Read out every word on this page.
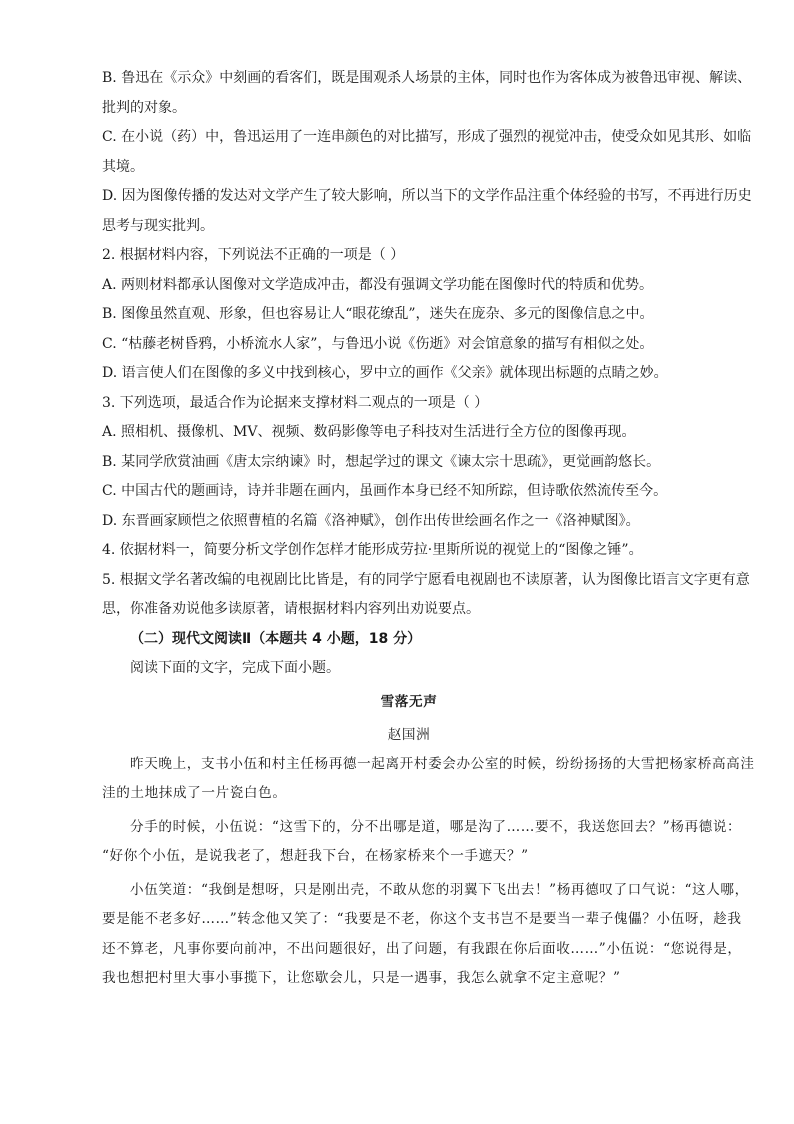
B. 鲁迅在《示众》中刻画的看客们，既是围观杀人场景的主体，同时也作为客体成为被鲁迅审视、解读、
批判的对象。
C. 在小说（药）中，鲁迅运用了一连串颜色的对比描写，形成了强烈的视觉冲击，使受众如见其形、如临
其境。
D. 因为图像传播的发达对文学产生了较大影响，所以当下的文学作品注重个体经验的书写，不再进行历史
思考与现实批判。
2. 根据材料内容，下列说法不正确的一项是（ ）
A. 两则材料都承认图像对文学造成冲击，都没有强调文学功能在图像时代的特质和优势。
B. 图像虽然直观、形象，但也容易让人“眼花缭乱”，迷失在庞杂、多元的图像信息之中。
C. “枯藤老树昏鸦，小桥流水人家”，与鲁迅小说《伤逝》对会馆意象的描写有相似之处。
D. 语言使人们在图像的多义中找到核心，罗中立的画作《父亲》就体现出标题的点睛之妙。
3. 下列选项，最适合作为论据来支撑材料二观点的一项是（ ）
A. 照相机、摄像机、MV、视频、数码影像等电子科技对生活进行全方位的图像再现。
B. 某同学欣赏油画《唐太宗纳谏》时，想起学过的课文《谏太宗十思疏》，更觉画韵悠长。
C. 中国古代的题画诗，诗并非题在画内，虽画作本身已经不知所踪，但诗歌依然流传至今。
D. 东晋画家顾恺之依照曹植的名篇《洛神赋》，创作出传世绘画名作之一《洛神赋图》。
4. 依据材料一，简要分析文学创作怎样才能形成劳拉·里斯所说的视觉上的“图像之锤”。
5. 根据文学名著改编的电视剧比比皆是，有的同学宁愿看电视剧也不读原著，认为图像比语言文字更有意
思，你准备劝说他多读原著，请根据材料内容列出劝说要点。
（二）现代文阅读Ⅱ（本题共 4 小题，18 分）
阅读下面的文字，完成下面小题。
雪落无声
赵国洲
昨天晚上，支书小伍和村主任杨再德一起离开村委会办公室的时候，纷纷扬扬的大雪把杨家桥高高洼
洼的土地抹成了一片瓷白色。
分手的时候，小伍说：“这雪下的，分不出哪是道，哪是沟了……要不，我送您回去？”杨再德说：
“好你个小伍，是说我老了，想赶我下台，在杨家桥来个一手遮天？”
小伍笑道：“我倒是想呀，只是刚出壳，不敢从您的羽翼下飞出去！”杨再德叹了口气说：“这人哪，
要是能不老多好……”转念他又笑了：“我要是不老，你这个支书岂不是要当一辈子傀儡？小伍呀，趁我
还不算老，凡事你要向前冲，不出问题很好，出了问题，有我跟在你后面收……”小伍说：“您说得是，
我也想把村里大事小事揽下，让您歇会儿，只是一遇事，我怎么就拿不定主意呢？”
